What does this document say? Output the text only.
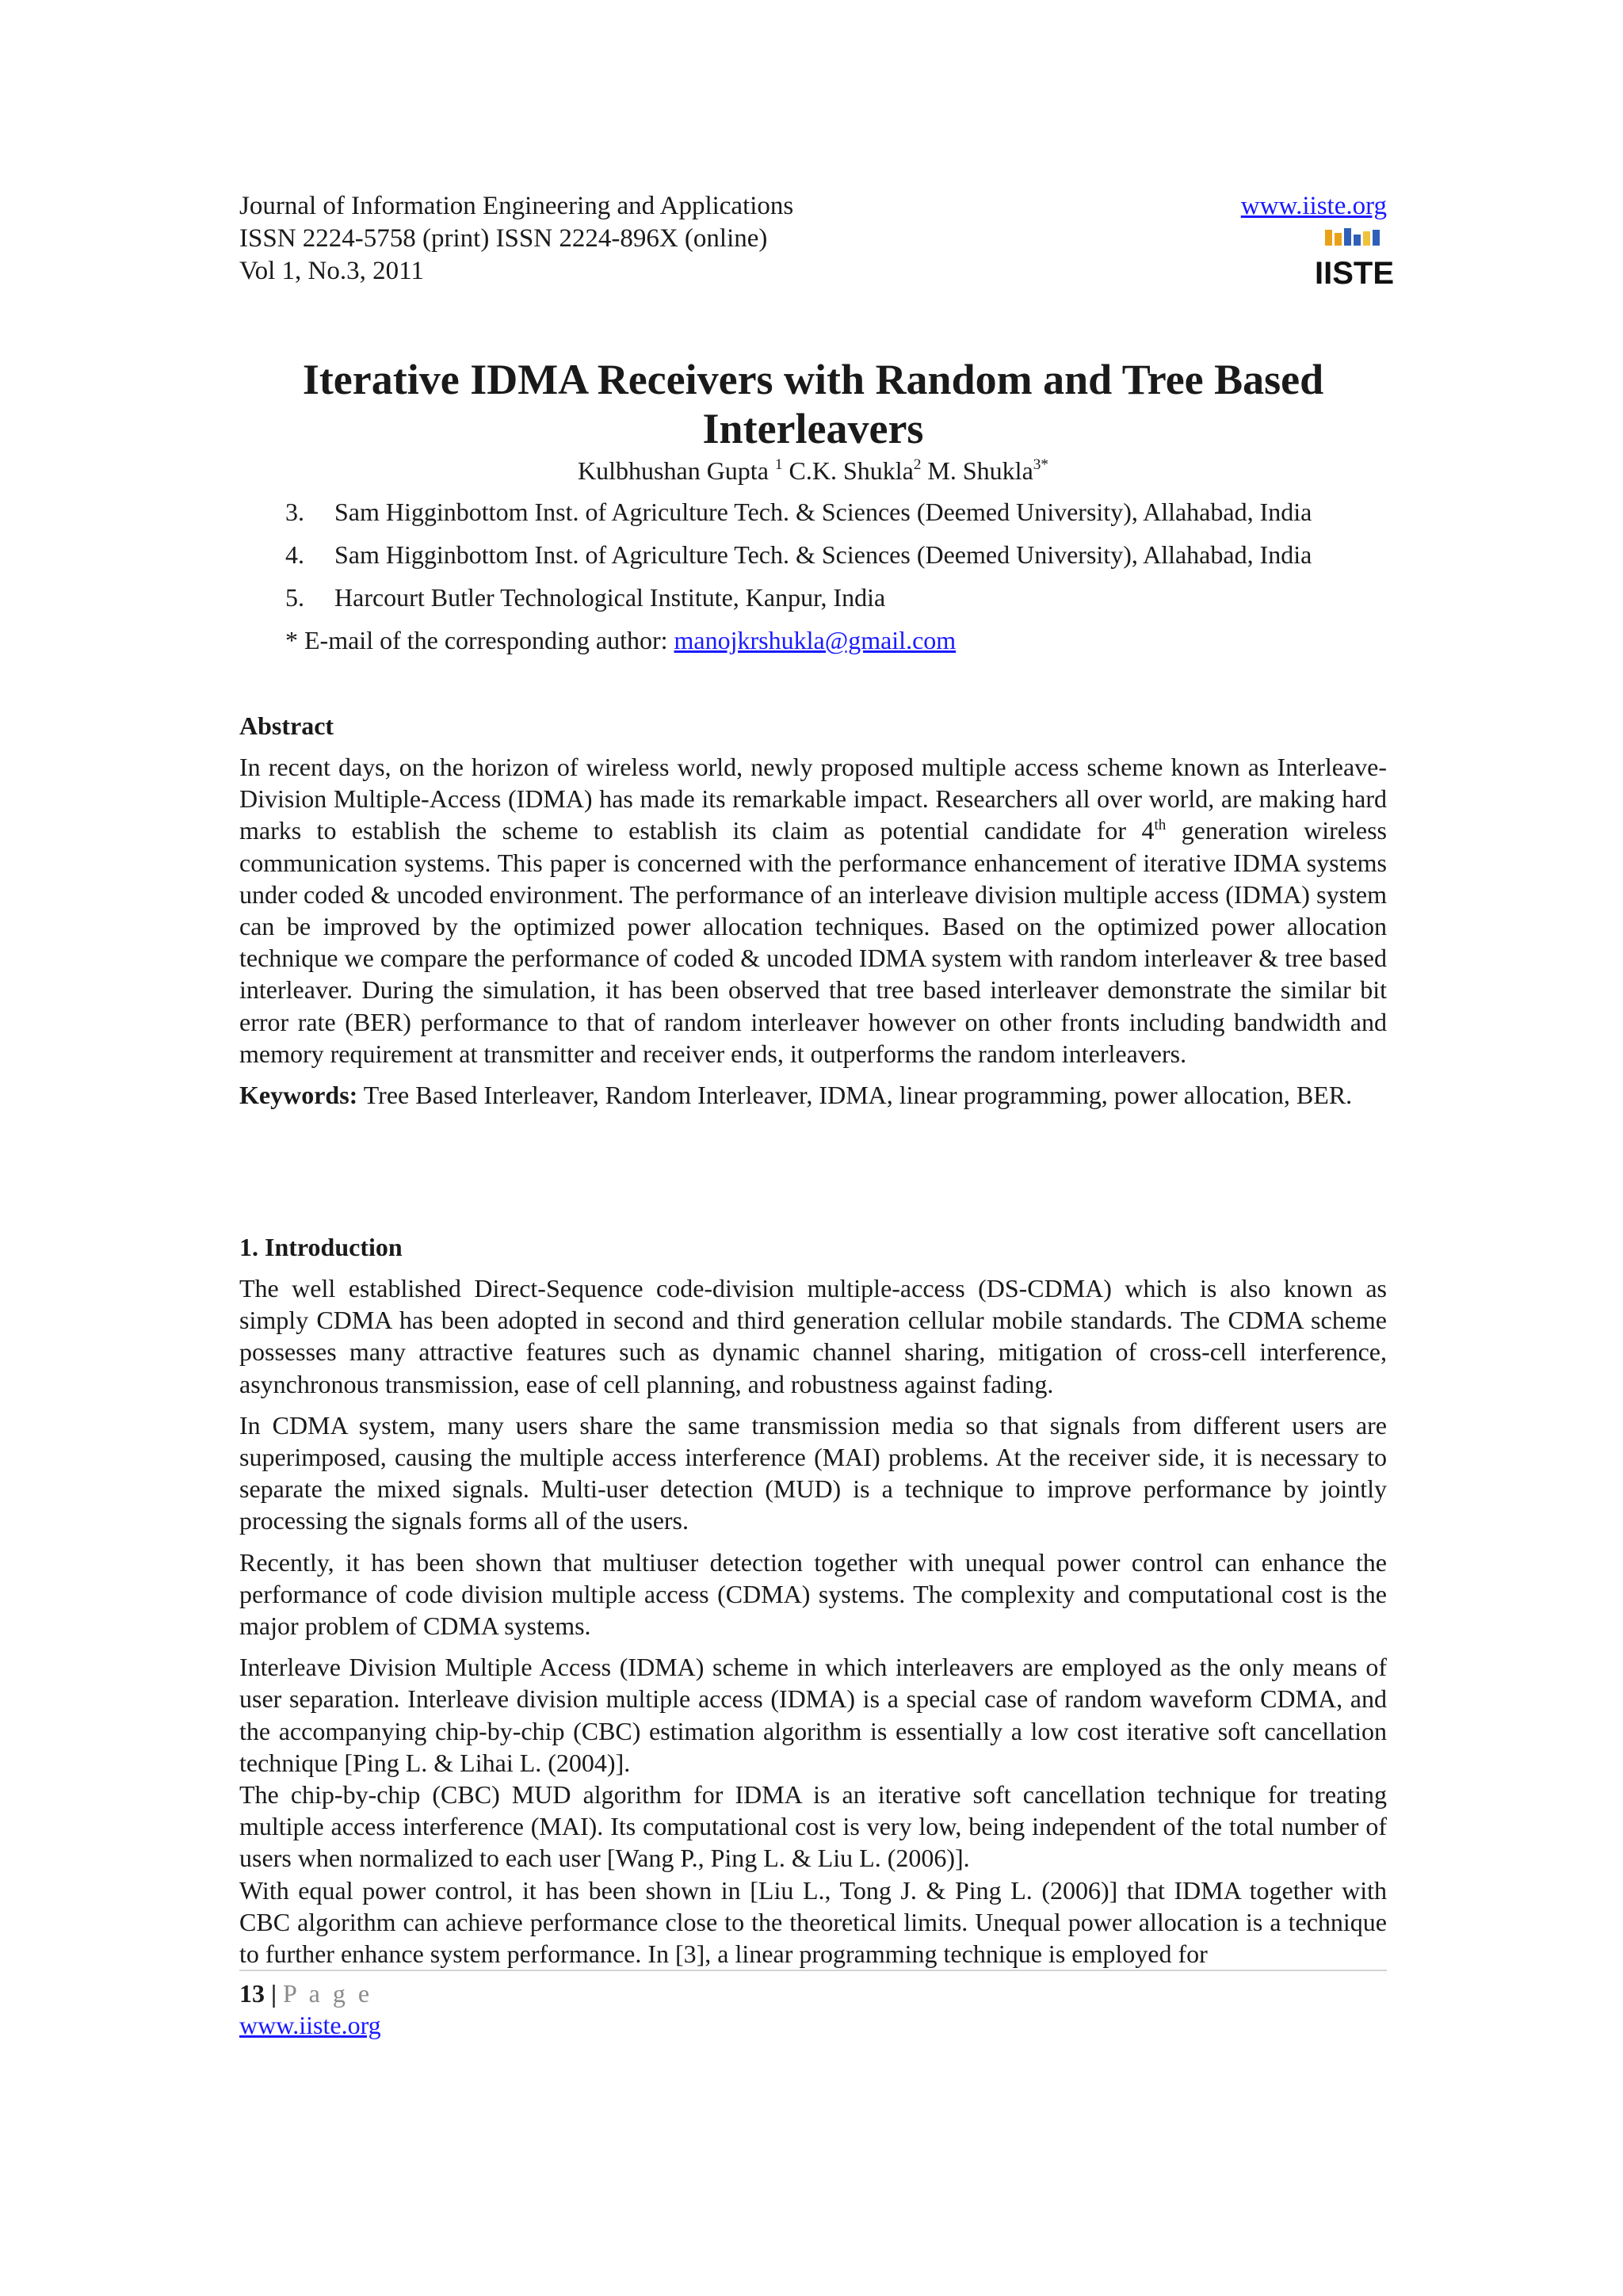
Journal of Information Engineering and Applications
ISSN 2224-5758 (print) ISSN 2224-896X (online)
Vol 1, No.3, 2011
www.iiste.org
IISTE
Iterative IDMA Receivers with Random and Tree Based Interleavers
Kulbhushan Gupta $^1$ C.K. Shukla$^2$ M. Shukla$^{3*}$
3. Sam Higginbottom Inst. of Agriculture Tech. & Sciences (Deemed University), Allahabad, India
4. Sam Higginbottom Inst. of Agriculture Tech. & Sciences (Deemed University), Allahabad, India
5. Harcourt Butler Technological Institute, Kanpur, India
* E-mail of the corresponding author: manojkrshukla@gmail.com
Abstract

In recent days, on the horizon of wireless world, newly proposed multiple access scheme known as Interleave-Division Multiple-Access (IDMA) has made its remarkable impact. Researchers all over world, are making hard marks to establish the scheme to establish its claim as potential candidate for 4th generation wireless communication systems. This paper is concerned with the performance enhancement of iterative IDMA systems under coded & uncoded environment. The performance of an interleave division multiple access (IDMA) system can be improved by the optimized power allocation techniques. Based on the optimized power allocation technique we compare the performance of coded & uncoded IDMA system with random interleaver & tree based interleaver. During the simulation, it has been observed that tree based interleaver demonstrate the similar bit error rate (BER) performance to that of random interleaver however on other fronts including bandwidth and memory requirement at transmitter and receiver ends, it outperforms the random interleavers.

Keywords: Tree Based Interleaver, Random Interleaver, IDMA, linear programming, power allocation, BER.

1. Introduction

The well established Direct-Sequence code-division multiple-access (DS-CDMA) which is also known as simply CDMA has been adopted in second and third generation cellular mobile standards. The CDMA scheme possesses many attractive features such as dynamic channel sharing, mitigation of cross-cell interference, asynchronous transmission, ease of cell planning, and robustness against fading.

In CDMA system, many users share the same transmission media so that signals from different users are superimposed, causing the multiple access interference (MAI) problems. At the receiver side, it is necessary to separate the mixed signals. Multi-user detection (MUD) is a technique to improve performance by jointly processing the signals forms all of the users.

Recently, it has been shown that multiuser detection together with unequal power control can enhance the performance of code division multiple access (CDMA) systems. The complexity and computational cost is the major problem of CDMA systems.

Interleave Division Multiple Access (IDMA) scheme in which interleavers are employed as the only means of user separation. Interleave division multiple access (IDMA) is a special case of random waveform CDMA, and the accompanying chip-by-chip (CBC) estimation algorithm is essentially a low cost iterative soft cancellation technique [Ping L. & Lihai L. (2004)].

The chip-by-chip (CBC) MUD algorithm for IDMA is an iterative soft cancellation technique for treating multiple access interference (MAI). Its computational cost is very low, being independent of the total number of users when normalized to each user [Wang P., Ping L. & Liu L. (2006)].

With equal power control, it has been shown in [Liu L., Tong J. & Ping L. (2006)] that IDMA together with CBC algorithm can achieve performance close to the theoretical limits. Unequal power allocation is a technique to further enhance system performance. In [3], a linear programming technique is employed for

13 | P a g e
www.iiste.org
